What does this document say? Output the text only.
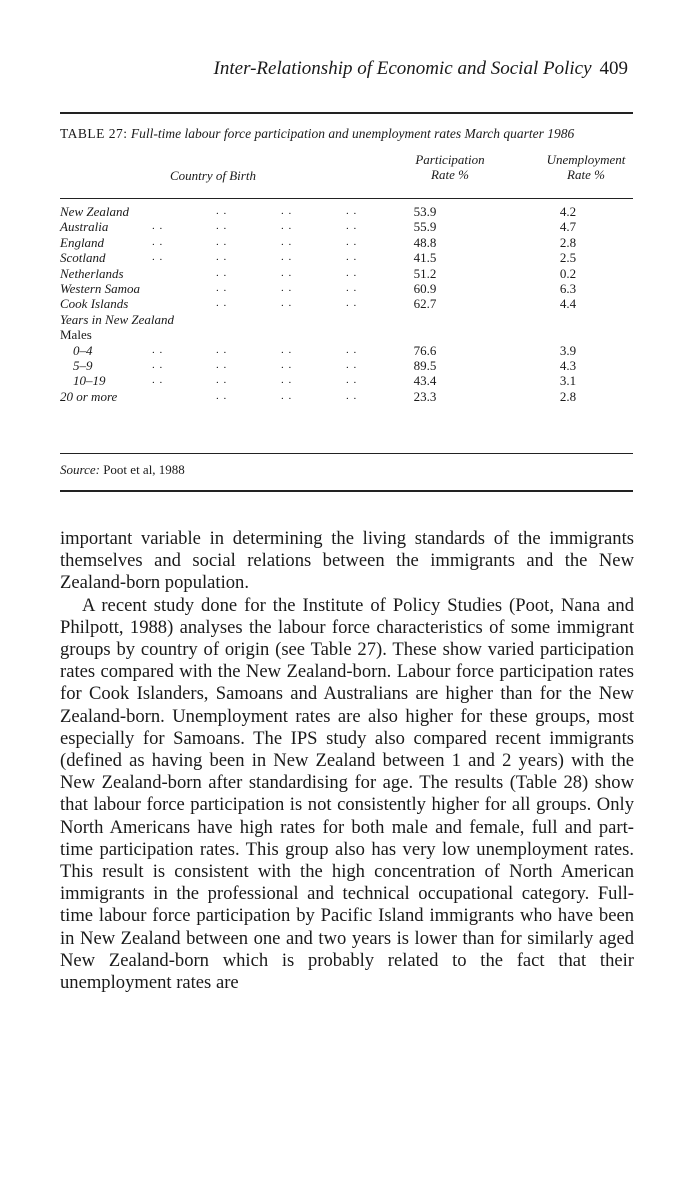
Inter-Relationship of Economic and Social Policy 409
TABLE 27: Full-time labour force participation and unemployment rates March quarter 1986
Country of Birth
Participation
Rate %
Unemployment
Rate %
New Zealand	. .	. .	. .	53.9	4.2
Australia	. .	. .	. .	. .	55.9	4.7
England	. .	. .	. .	. .	48.8	2.8
Scotland	. .	. .	. .	. .	41.5	2.5
Netherlands	. .	. .	. .	51.2	0.2
Western Samoa	. .	. .	. .	60.9	6.3
Cook Islands	. .	. .	. .	62.7	4.4
Years in New Zealand
Males
0–4	. .	. .	. .	. .	76.6	3.9
5–9	. .	. .	. .	. .	89.5	4.3
10–19	. .	. .	. .	. .	43.4	3.1
20 or more	. .	. .	. .	23.3	2.8
Source: Poot et al, 1988

important variable in determining the living standards of the immigrants themselves and social relations between the immigrants and the New Zealand-born population.

A recent study done for the Institute of Policy Studies (Poot, Nana and Philpott, 1988) analyses the labour force characteristics of some immigrant groups by country of origin (see Table 27). These show varied participation rates compared with the New Zealand-born. Labour force participation rates for Cook Islanders, Samoans and Australians are higher than for the New Zealand-born. Unemployment rates are also higher for these groups, most especially for Samoans. The IPS study also compared recent immigrants (defined as having been in New Zealand between 1 and 2 years) with the New Zealand-born after standardising for age. The results (Table 28) show that labour force participation is not consistently higher for all groups. Only North Americans have high rates for both male and female, full and part-time participation rates. This group also has very low unemployment rates. This result is consistent with the high concentration of North American immigrants in the professional and technical occupational category. Full-time labour force participation by Pacific Island immigrants who have been in New Zealand between one and two years is lower than for similarly aged New Zealand-born which is probably related to the fact that their unemployment rates are
